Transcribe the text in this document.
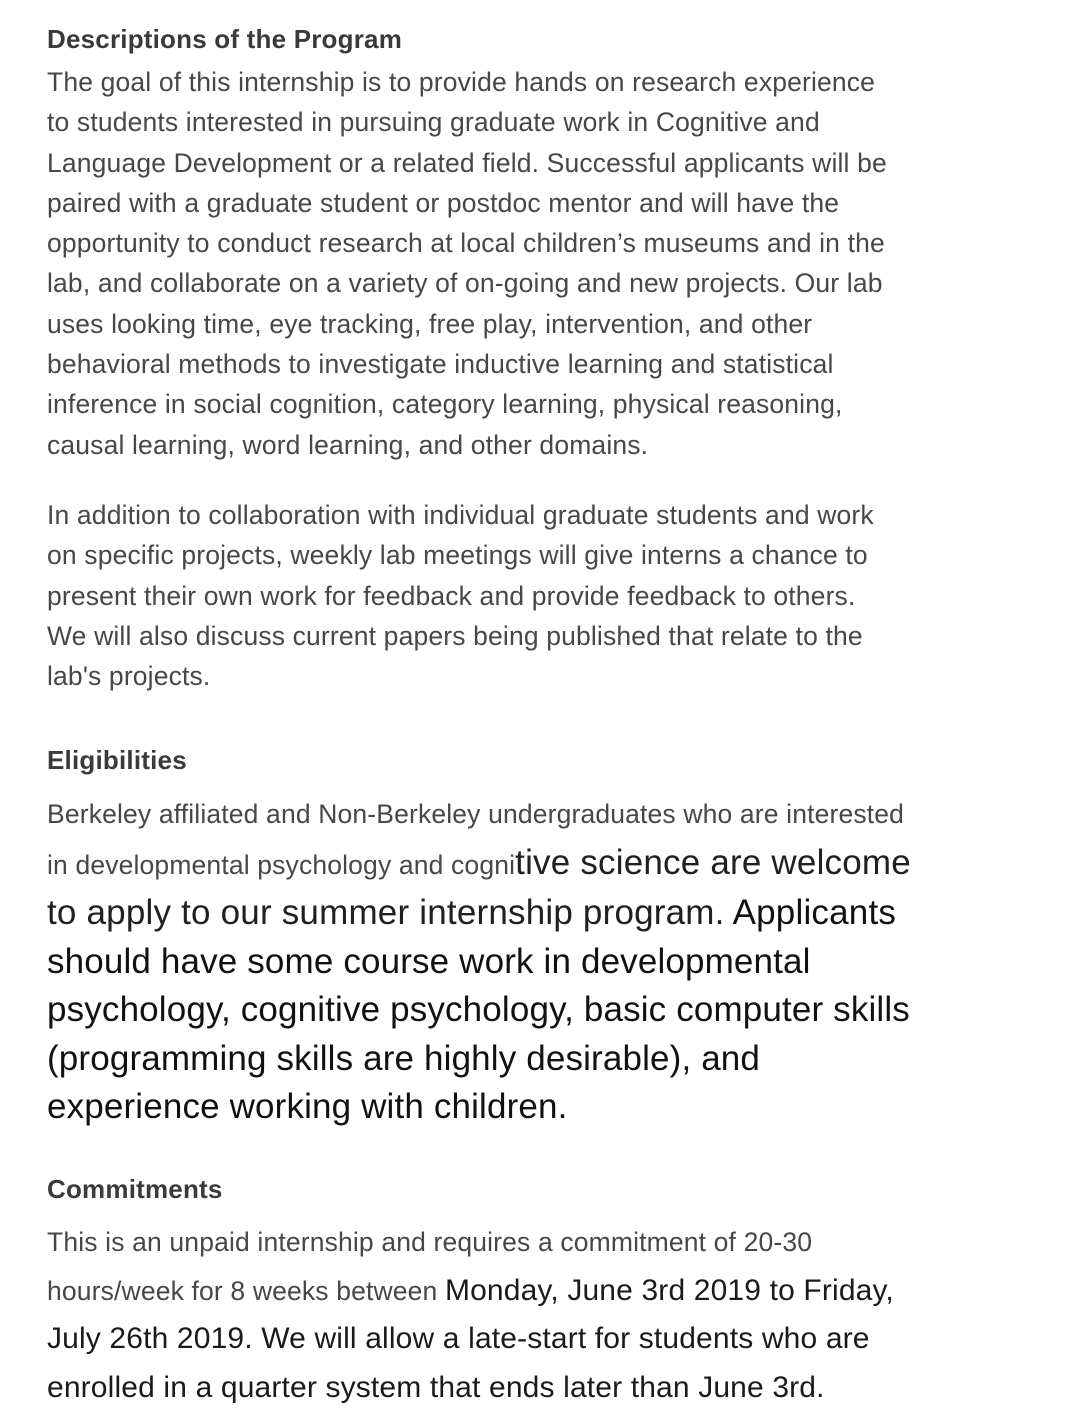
Descriptions of the Program
The goal of this internship is to provide hands on research experience
to students interested in pursuing graduate work in Cognitive and
Language Development or a related field. Successful applicants will be
paired with a graduate student or postdoc mentor and will have the
opportunity to conduct research at local children’s museums and in the
lab, and collaborate on a variety of on-going and new projects. Our lab
uses looking time, eye tracking, free play, intervention, and other
behavioral methods to investigate inductive learning and statistical
inference in social cognition, category learning, physical reasoning,
causal learning, word learning, and other domains.
In addition to collaboration with individual graduate students and work
on specific projects, weekly lab meetings will give interns a chance to
present their own work for feedback and provide feedback to others.
We will also discuss current papers being published that relate to the
lab's projects.
Eligibilities
Berkeley affiliated and Non-Berkeley undergraduates who are interested
in developmental psychology and cognitive science are welcome
to apply to our summer internship program. Applicants
should have some course work in developmental
psychology, cognitive psychology, basic computer skills
(programming skills are highly desirable), and
experience working with children.
Commitments
This is an unpaid internship and requires a commitment of 20-30
hours/week for 8 weeks between Monday, June 3rd 2019 to Friday,
July 26th 2019. We will allow a late-start for students who are
enrolled in a quarter system that ends later than June 3rd.
